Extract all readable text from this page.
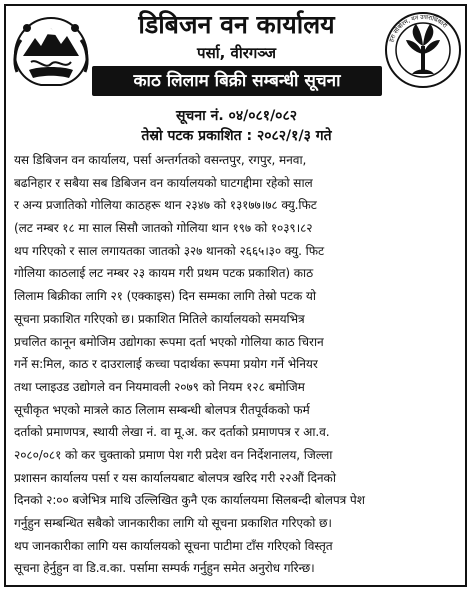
हरा सोबोरम, वन उत्तराधिकारी
डिबिजन वन कार्यालय
पर्सा, वीरगञ्ज
काठ लिलाम बिक्री सम्बन्धी सूचना
सूचना नं. ०४/०८१/०८२
तेस्रो पटक प्रकाशित : २०८२/१/३ गते
यस डिबिजन वन कार्यालय, पर्सा अन्तर्गतको वसन्तपुर, रगपुर, मनवा,
बढनिहार र सबैया सब डिबिजन वन कार्यालयको घाटगद्दीमा रहेको साल
र अन्य प्रजातिको गोलिया काठहरू थान २३४७ को १३१७७।७८ क्यु.फिट
(लट नम्बर १८ मा साल सिसौ जातको गोलिया थान १९७ को १०३९।८२
थप गरिएको र साल लगायतका जातको ३२७ थानको २६६५।३० क्यु. फिट
गोलिया काठलाई लट नम्बर २३ कायम गरी प्रथम पटक प्रकाशित) काठ
लिलाम बिक्रीका लागि २१ (एक्काइस) दिन सम्मका लागि तेस्रो पटक यो
सूचना प्रकाशित गरिएको छ। प्रकाशित मितिले कार्यालयको समयभित्र
प्रचलित कानून बमोजिम उद्योगका रूपमा दर्ता भएको गोलिया काठ चिरान
गर्ने स:मिल, काठ र दाउरालाई कच्चा पदार्थका रूपमा प्रयोग गर्ने भेनियर
तथा प्लाइउड उद्योगले वन नियमावली २०७९ को नियम १२८ बमोजिम
सूचीकृत भएको मात्रले काठ लिलाम सम्बन्धी बोलपत्र रीतपूर्वकको फर्म
दर्ताको प्रमाणपत्र, स्थायी लेखा नं. वा मू.अ. कर दर्ताको प्रमाणपत्र र आ.व.
२०८०/०८१ को कर चुक्ताको प्रमाण पेश गरी प्रदेश वन निर्देशनालय, जिल्ला
प्रशासन कार्यालय पर्सा र यस कार्यालयबाट बोलपत्र खरिद गरी २२औं दिनको
दिनको २:०० बजेभित्र माथि उल्लिखित कुनै एक कार्यालयमा सिलबन्दी बोलपत्र पेश
गर्नुहुन सम्बन्धित सबैको जानकारीका लागि यो सूचना प्रकाशित गरिएको छ।
थप जानकारीका लागि यस कार्यालयको सूचना पाटीमा टाँस गरिएको विस्तृत
सूचना हेर्नुहुन वा डि.व.का. पर्सामा सम्पर्क गर्नुहुन समेत अनुरोध गरिन्छ।
